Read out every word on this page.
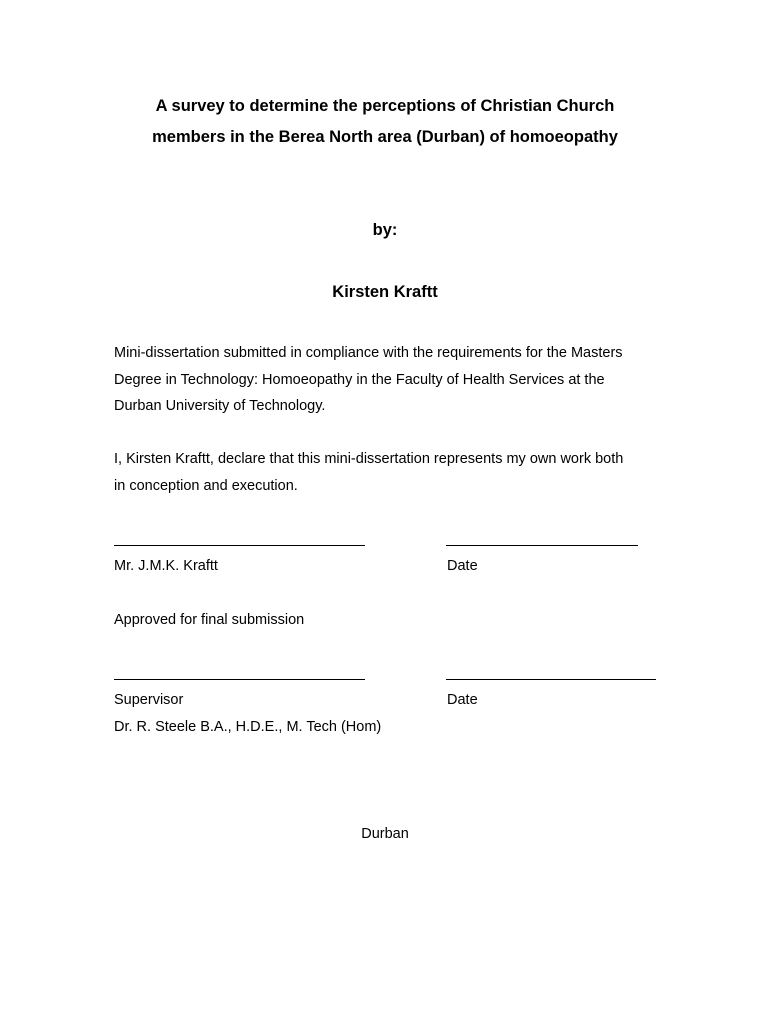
A survey to determine the perceptions of Christian Church
members in the Berea North area (Durban) of homoeopathy
by:
Kirsten Kraftt
Mini-dissertation submitted in compliance with the requirements for the Masters
Degree in Technology: Homoeopathy in the Faculty of Health Services at the
Durban University of Technology.
I, Kirsten Kraftt, declare that this mini-dissertation represents my own work both
in conception and execution.
Mr. J.M.K. Kraftt	Date
Approved for final submission
Supervisor	Date
Dr. R. Steele B.A., H.D.E., M. Tech (Hom)
Durban
